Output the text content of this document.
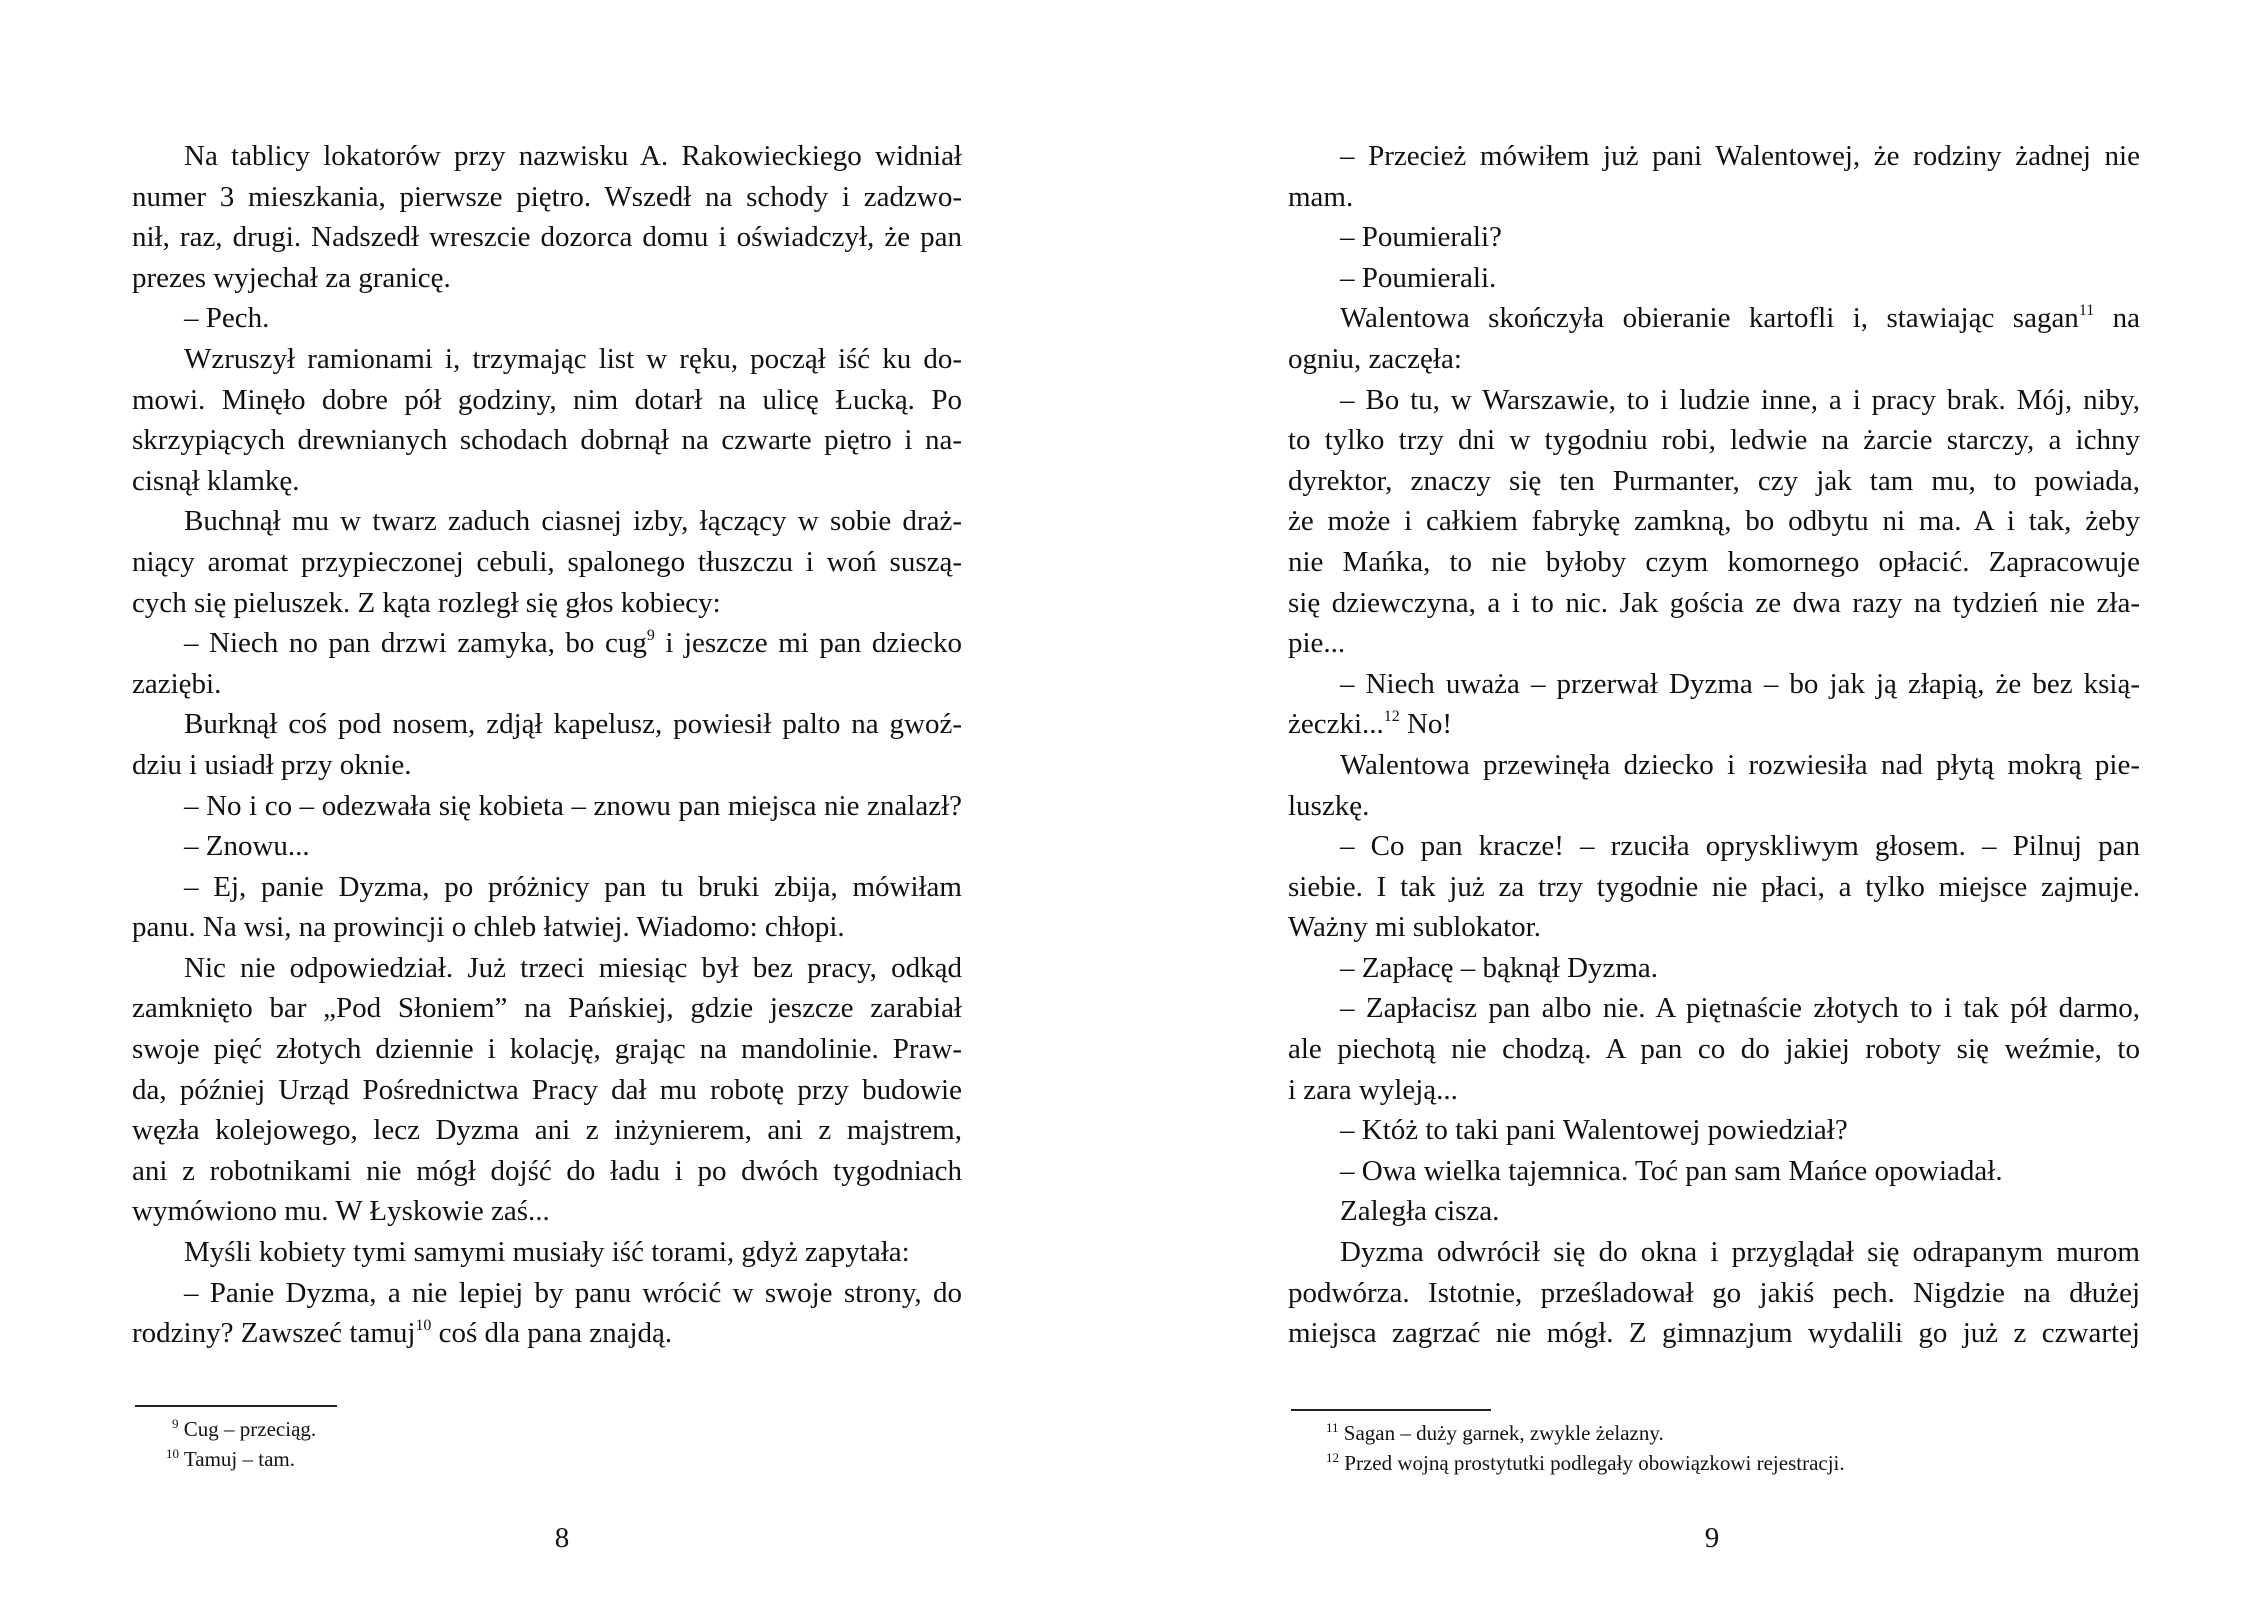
Na tablicy lokatorów przy nazwisku A. Rakowieckiego widniał
numer 3 mieszkania, pierwsze piętro. Wszedł na schody i zadzwo-
nił, raz, drugi. Nadszedł wreszcie dozorca domu i oświadczył, że pan
prezes wyjechał za granicę.
– Pech.
Wzruszył ramionami i, trzymając list w ręku, począł iść ku do-
mowi. Minęło dobre pół godziny, nim dotarł na ulicę Łucką. Po
skrzypiących drewnianych schodach dobrnął na czwarte piętro i na-
cisnął klamkę.
Buchnął mu w twarz zaduch ciasnej izby, łączący w sobie draż-
niący aromat przypieczonej cebuli, spalonego tłuszczu i woń suszą-
cych się pieluszek. Z kąta rozległ się głos kobiecy:
– Niech no pan drzwi zamyka, bo cug$^9$ i jeszcze mi pan dziecko
zaziębi.
Burknął coś pod nosem, zdjął kapelusz, powiesił palto na gwoź-
dziu i usiadł przy oknie.
– No i co – odezwała się kobieta – znowu pan miejsca nie znalazł?
– Znowu...
– Ej, panie Dyzma, po próżnicy pan tu bruki zbija, mówiłam
panu. Na wsi, na prowincji o chleb łatwiej. Wiadomo: chłopi.
Nic nie odpowiedział. Już trzeci miesiąc był bez pracy, odkąd
zamknięto bar „Pod Słoniem” na Pańskiej, gdzie jeszcze zarabiał
swoje pięć złotych dziennie i kolację, grając na mandolinie. Praw-
da, później Urząd Pośrednictwa Pracy dał mu robotę przy budowie
węzła kolejowego, lecz Dyzma ani z inżynierem, ani z majstrem,
ani z robotnikami nie mógł dojść do ładu i po dwóch tygodniach
wymówiono mu. W Łyskowie zaś...
Myśli kobiety tymi samymi musiały iść torami, gdyż zapytała:
– Panie Dyzma, a nie lepiej by panu wrócić w swoje strony, do
rodziny? Zawszeć tamuj$^{10}$ coś dla pana znajdą.
$^9$ Cug – przeciąg.
$^{10}$ Tamuj – tam.
8
– Przecież mówiłem już pani Walentowej, że rodziny żadnej nie
mam.
– Poumierali?
– Poumierali.
Walentowa skończyła obieranie kartofli i, stawiając sagan$^{11}$ na
ogniu, zaczęła:
– Bo tu, w Warszawie, to i ludzie inne, a i pracy brak. Mój, niby,
to tylko trzy dni w tygodniu robi, ledwie na żarcie starczy, a ichny
dyrektor, znaczy się ten Purmanter, czy jak tam mu, to powiada,
że może i całkiem fabrykę zamkną, bo odbytu ni ma. A i tak, żeby
nie Mańka, to nie byłoby czym komornego opłacić. Zapracowuje
się dziewczyna, a i to nic. Jak gościa ze dwa razy na tydzień nie zła-
pie...
– Niech uważa – przerwał Dyzma – bo jak ją złapią, że bez ksią-
żeczki...$^{12}$ No!
Walentowa przewinęła dziecko i rozwiesiła nad płytą mokrą pie-
luszkę.
– Co pan kracze! – rzuciła opryskliwym głosem. – Pilnuj pan
siebie. I tak już za trzy tygodnie nie płaci, a tylko miejsce zajmuje.
Ważny mi sublokator.
– Zapłacę – bąknął Dyzma.
– Zapłacisz pan albo nie. A piętnaście złotych to i tak pół darmo,
ale piechotą nie chodzą. A pan co do jakiej roboty się weźmie, to
i zara wyleją...
– Któż to taki pani Walentowej powiedział?
– Owa wielka tajemnica. Toć pan sam Mańce opowiadał.
Zaległa cisza.
Dyzma odwrócił się do okna i przyglądał się odrapanym murom
podwórza. Istotnie, prześladował go jakiś pech. Nigdzie na dłużej
miejsca zagrzać nie mógł. Z gimnazjum wydalili go już z czwartej
$^{11}$ Sagan – duży garnek, zwykle żelazny.
$^{12}$ Przed wojną prostytutki podlegały obowiązkowi rejestracji.
9
